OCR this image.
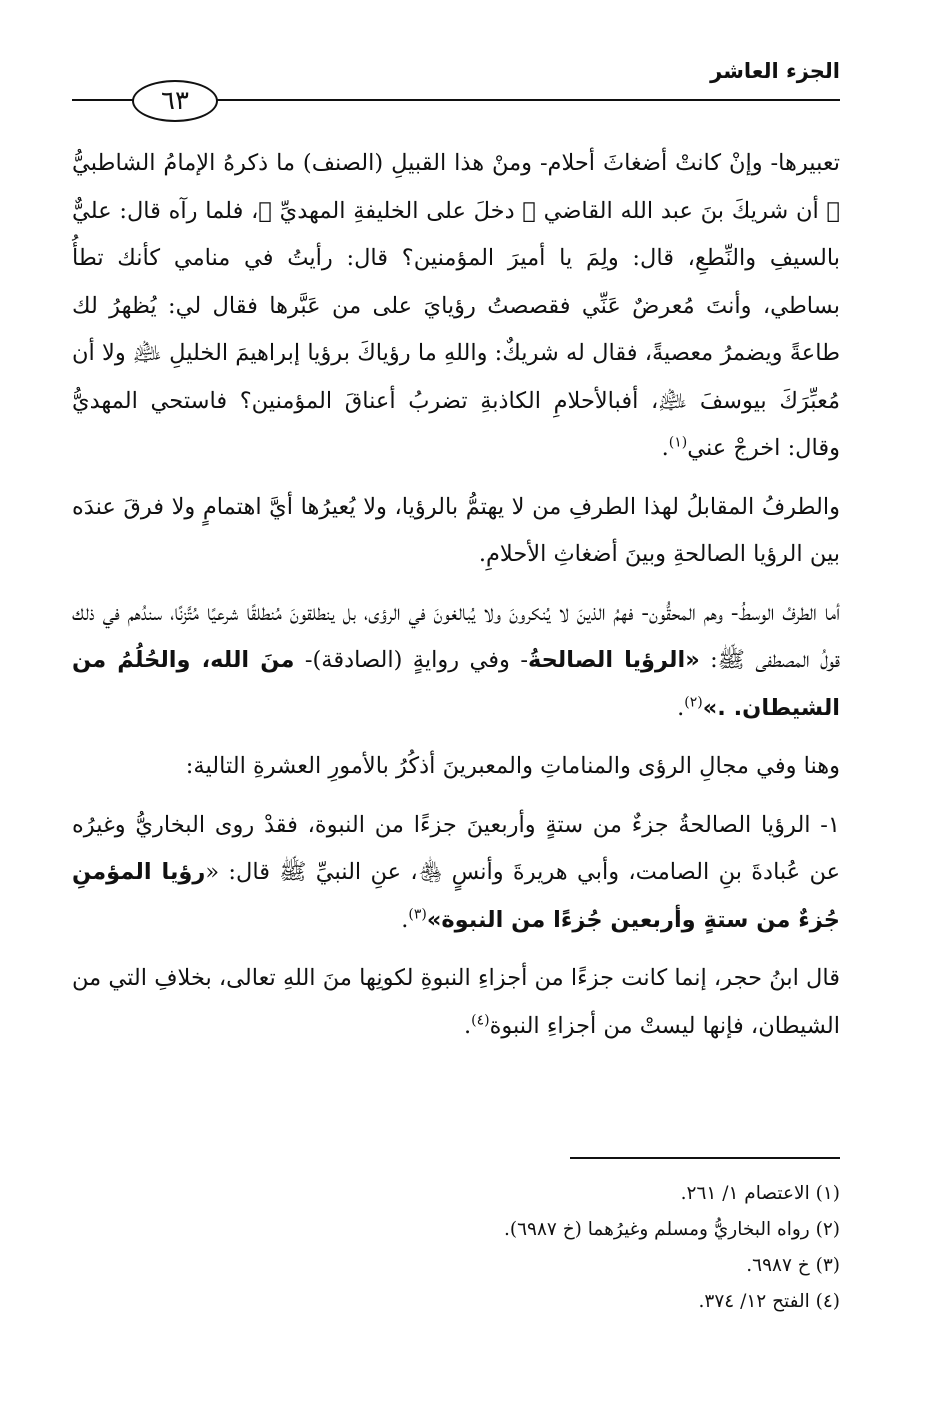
الجزء العاشر
٦٣

تعبيرها- وإنْ كانتْ أضغاثَ أحلام- ومنْ هذا القبيلِ (الصنف) ما ذكرهُ الإمامُ الشاطبيُّ ﷫ أن شريكَ بنَ عبد الله القاضي ﷫ دخلَ على الخليفةِ المهديِّ ﷫، فلما رآه قال: عليٌّ بالسيفِ والنِّطعِ، قال: ولِمَ يا أميرَ المؤمنين؟ قال: رأيتُ في منامي كأنك تطأُ بساطي، وأنتَ مُعرضٌ عَنِّي فقصصتُ رؤيايَ على من عَبَّرها فقال لي: يُظهرُ لك طاعةً ويضمرُ معصيةً، فقال له شريكٌ: واللهِ ما رؤياكَ برؤيا إبراهيمَ الخليلِ ﵇ ولا أن مُعبِّرَكَ بيوسفَ ﵇، أفبالأحلامِ الكاذبةِ تضربُ أعناقَ المؤمنين؟ فاستحي المهديُّ وقال: اخرجْ عني$^{(١)}$.

والطرفُ المقابلُ لهذا الطرفِ من لا يهتمُّ بالرؤيا، ولا يُعيرُها أيَّ اهتمامٍ ولا فرقَ عندَه بين الرؤيا الصالحةِ وبينَ أضغاثِ الأحلامِ.

أما الطرفُ الوسطُ- وهم المحقُّون- فهمُ الذينَ لا يُنكرونَ ولا يُبالغونَ في الرؤى، بل ينطلقونَ مُنطلقًا شرعيًا مُتَّزنًا، سندُهم في ذلك قولُ المصطفى ﷺ: «الرؤيا الصالحةُ- وفي روايةٍ (الصادقة)- منَ الله، والحُلُمُ من الشيطان. .»$^{(٢)}$.

وهنا وفي مجالِ الرؤى والمناماتِ والمعبرينَ أذكُرُ بالأمورِ العشرةِ التالية:

١- الرؤيا الصالحةُ جزءٌ من ستةٍ وأربعينَ جزءًا من النبوة، فقدْ روى البخاريُّ وغيرُه عن عُبادةَ بنِ الصامت، وأبي هريرةَ وأنسٍ ﵃، عنِ النبيِّ ﷺ قال: «رؤيا المؤمنِ جُزءٌ من ستةٍ وأربعين جُزءًا من النبوة»$^{(٣)}$.

قال ابنُ حجر، إنما كانت جزءًا من أجزاءِ النبوةِ لكونِها منَ اللهِ تعالى، بخلافِ التي من الشيطان، فإنها ليستْ من أجزاءِ النبوة$^{(٤)}$.

(١) الاعتصام ١/ ٢٦١.

(٢) رواه البخاريُّ ومسلم وغيرُهما (خ ٦٩٨٧).

(٣) خ ٦٩٨٧.

(٤) الفتح ١٢/ ٣٧٤.
